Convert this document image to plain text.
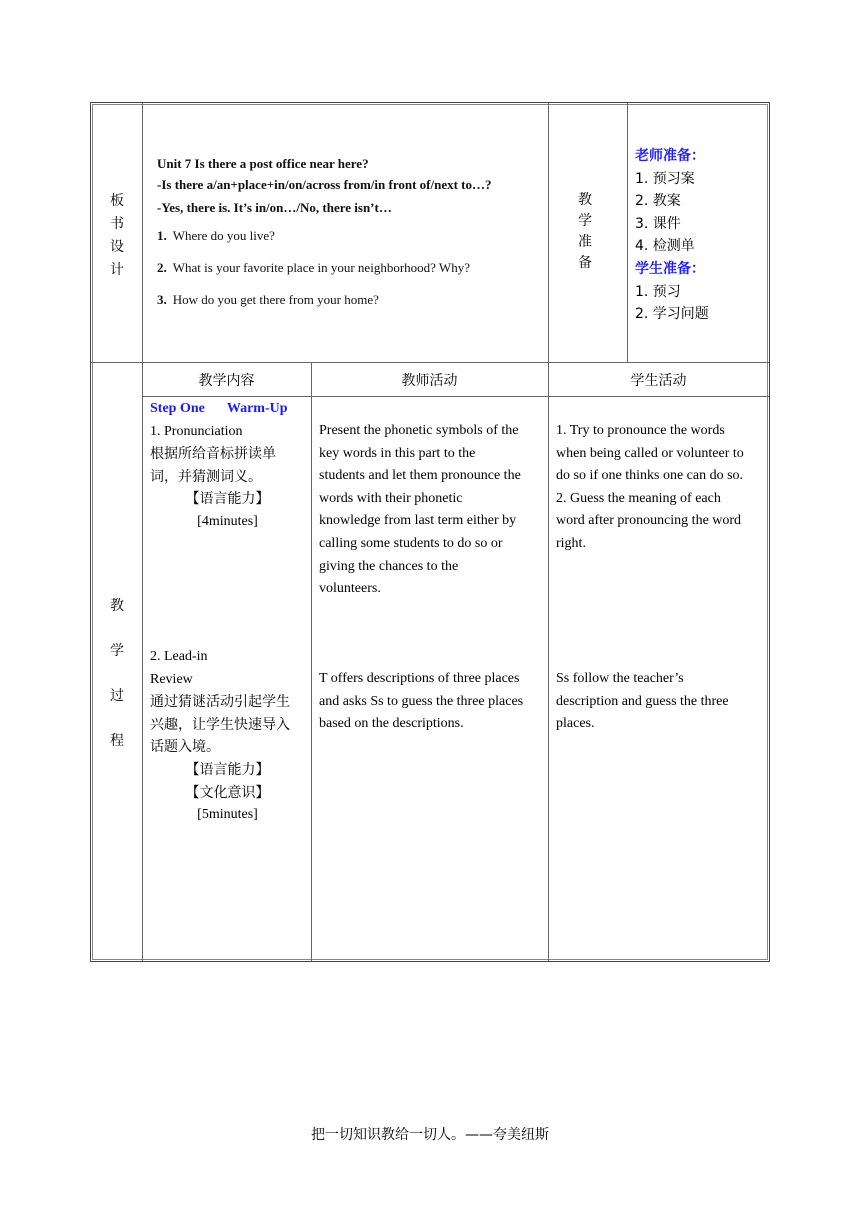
板
书
设
计
Unit 7 Is there a post office near here?
-Is there a/an+place+in/on/across from/in front of/next to…?
-Yes, there is. It’s in/on…/No, there isn’t…
1. Where do you live?
2. What is your favorite place in your neighborhood? Why?
3. How do you get there from your home?
教
学
准
备
老师准备：
1. 预习案
2. 教案
3. 课件
4. 检测单
学生准备：
1. 预习
2. 学习问题
教
学
过
程
教学内容	教师活动	学生活动
Step One Warm-Up
1. Pronunciation
根据所给音标拼读单
词，并猜测词义。
【语言能力】
[4minutes]
2. Lead-in
Review
通过猜谜活动引起学生
兴趣，让学生快速导入
话题入境。
【语言能力】
【文化意识】
[5minutes]
Present the phonetic symbols of the
key words in this part to the
students and let them pronounce the
words with their phonetic
knowledge from last term either by
calling some students to do so or
giving the chances to the
volunteers.
1. Try to pronounce the words
when being called or volunteer to
do so if one thinks one can do so.
2. Guess the meaning of each
word after pronouncing the word
right.
T offers descriptions of three places
and asks Ss to guess the three places
based on the descriptions.
Ss follow the teacher’s
description and guess the three
places.
把一切知识教给一切人。——夸美纽斯
